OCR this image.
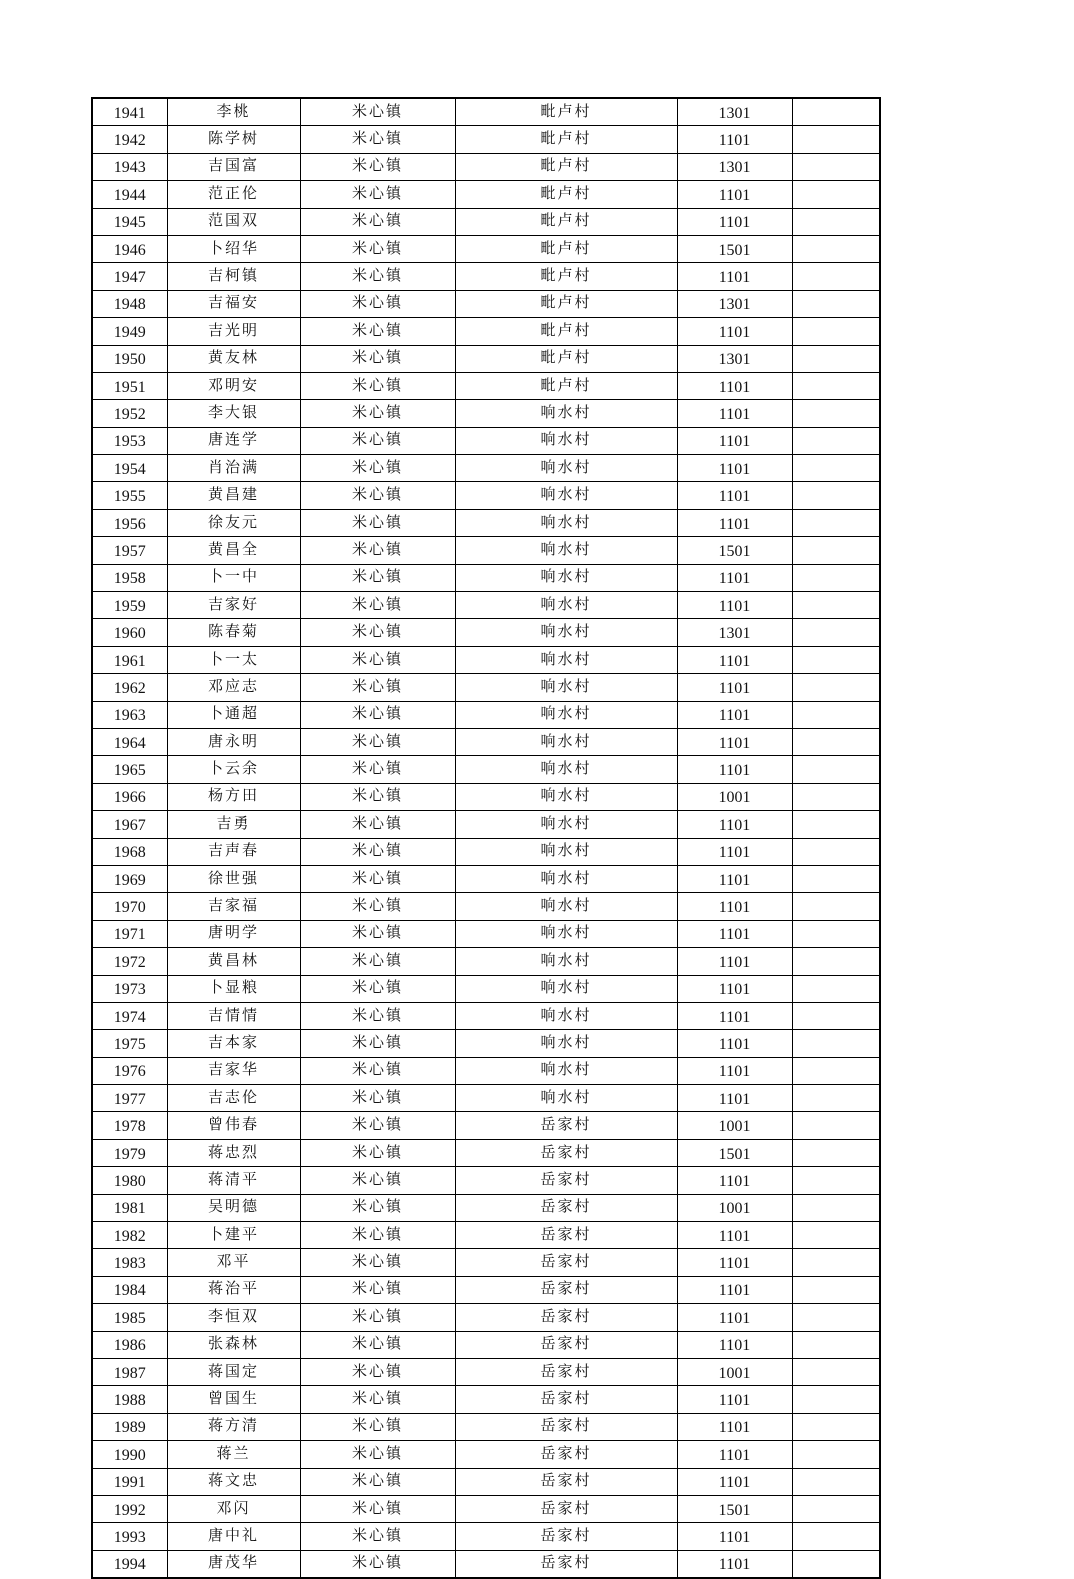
1941	李桃	米心镇	毗卢村	1301	
1942	陈学树	米心镇	毗卢村	1101	
1943	吉国富	米心镇	毗卢村	1301	
1944	范正伦	米心镇	毗卢村	1101	
1945	范国双	米心镇	毗卢村	1101	
1946	卜绍华	米心镇	毗卢村	1501	
1947	吉柯镇	米心镇	毗卢村	1101	
1948	吉福安	米心镇	毗卢村	1301	
1949	吉光明	米心镇	毗卢村	1101	
1950	黄友林	米心镇	毗卢村	1301	
1951	邓明安	米心镇	毗卢村	1101	
1952	李大银	米心镇	响水村	1101	
1953	唐连学	米心镇	响水村	1101	
1954	肖治满	米心镇	响水村	1101	
1955	黄昌建	米心镇	响水村	1101	
1956	徐友元	米心镇	响水村	1101	
1957	黄昌全	米心镇	响水村	1501	
1958	卜一中	米心镇	响水村	1101	
1959	吉家好	米心镇	响水村	1101	
1960	陈春菊	米心镇	响水村	1301	
1961	卜一太	米心镇	响水村	1101	
1962	邓应志	米心镇	响水村	1101	
1963	卜通超	米心镇	响水村	1101	
1964	唐永明	米心镇	响水村	1101	
1965	卜云余	米心镇	响水村	1101	
1966	杨方田	米心镇	响水村	1001	
1967	吉勇	米心镇	响水村	1101	
1968	吉声春	米心镇	响水村	1101	
1969	徐世强	米心镇	响水村	1101	
1970	吉家福	米心镇	响水村	1101	
1971	唐明学	米心镇	响水村	1101	
1972	黄昌林	米心镇	响水村	1101	
1973	卜显粮	米心镇	响水村	1101	
1974	吉情情	米心镇	响水村	1101	
1975	吉本家	米心镇	响水村	1101	
1976	吉家华	米心镇	响水村	1101	
1977	吉志伦	米心镇	响水村	1101	
1978	曾伟春	米心镇	岳家村	1001	
1979	蒋忠烈	米心镇	岳家村	1501	
1980	蒋清平	米心镇	岳家村	1101	
1981	吴明德	米心镇	岳家村	1001	
1982	卜建平	米心镇	岳家村	1101	
1983	邓平	米心镇	岳家村	1101	
1984	蒋治平	米心镇	岳家村	1101	
1985	李恒双	米心镇	岳家村	1101	
1986	张森林	米心镇	岳家村	1101	
1987	蒋国定	米心镇	岳家村	1001	
1988	曾国生	米心镇	岳家村	1101	
1989	蒋方清	米心镇	岳家村	1101	
1990	蒋兰	米心镇	岳家村	1101	
1991	蒋文忠	米心镇	岳家村	1101	
1992	邓闪	米心镇	岳家村	1501	
1993	唐中礼	米心镇	岳家村	1101	
1994	唐茂华	米心镇	岳家村	1101	
